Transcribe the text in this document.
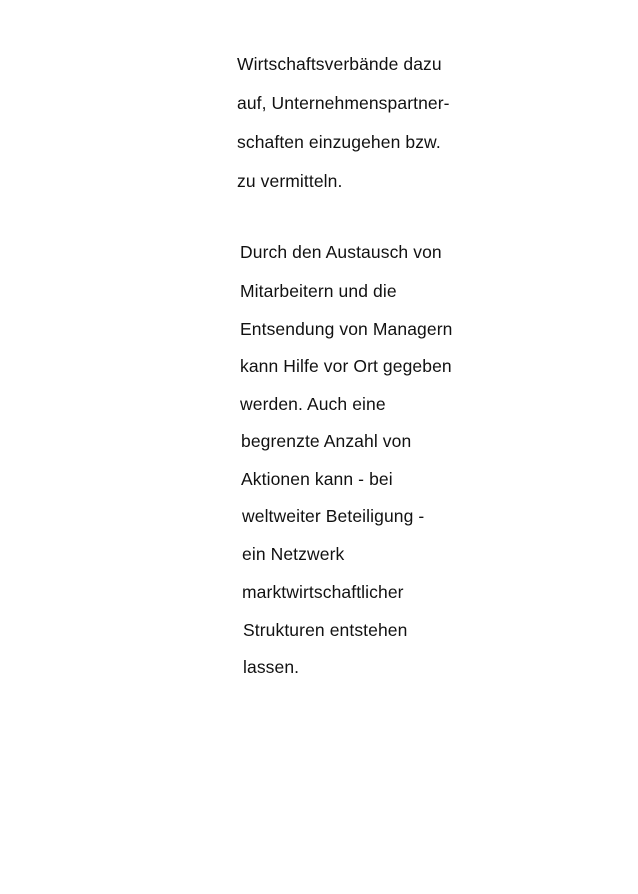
Wirtschaftsverbände dazu

auf, Unternehmenspartner-

schaften einzugehen bzw.

zu vermitteln.

Durch den Austausch von

Mitarbeitern und die

Entsendung von Managern

kann Hilfe vor Ort gegeben

werden. Auch eine

begrenzte Anzahl von

Aktionen kann - bei

weltweiter Beteiligung -

ein Netzwerk

marktwirtschaftlicher

Strukturen entstehen

lassen.
